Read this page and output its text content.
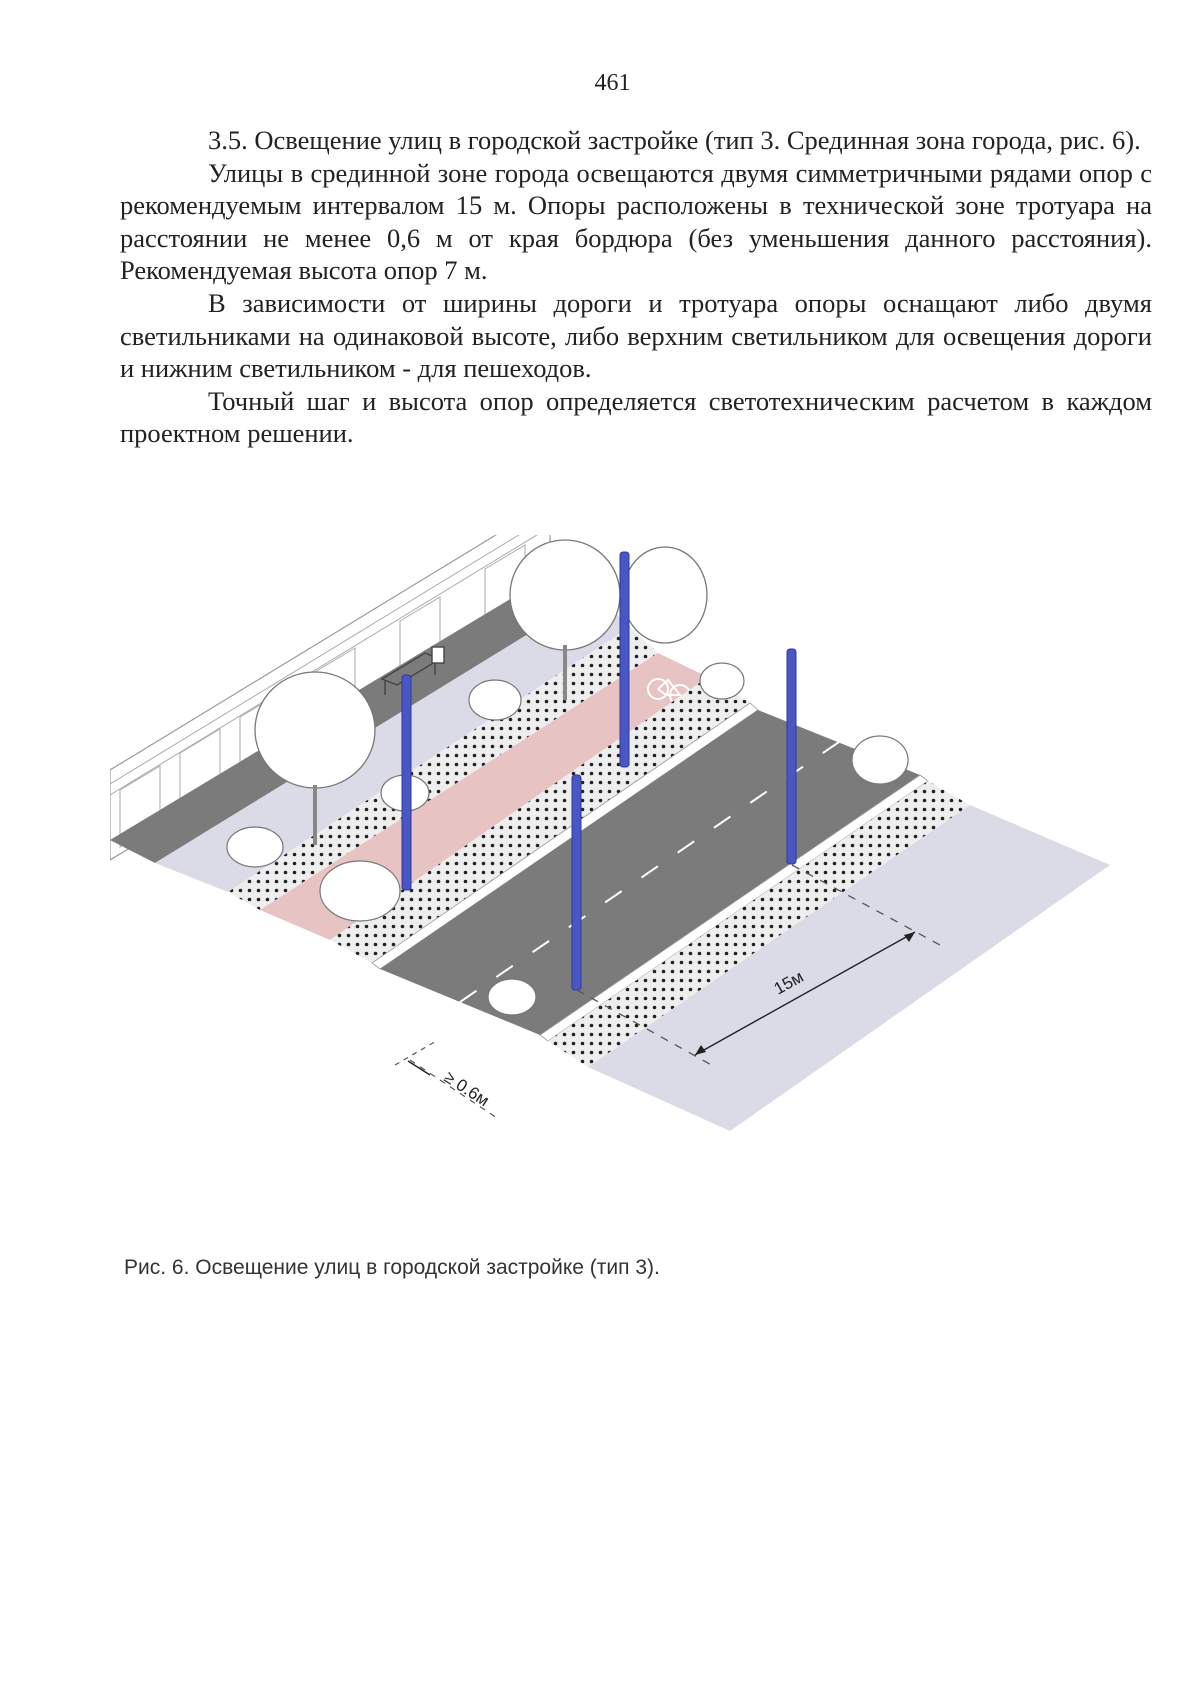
461

3.5. Освещение улиц в городской застройке (тип 3. Срединная зона города, рис. 6).

Улицы в срединной зоне города освещаются двумя симметричными рядами опор с рекомендуемым интервалом 15 м. Опоры расположены в технической зоне тротуара на расстоянии не менее 0,6 м от края бордюра (без уменьшения данного расстояния). Рекомендуемая высота опор 7 м.

В зависимости от ширины дороги и тротуара опоры оснащают либо двумя светильниками на одинаковой высоте, либо верхним светильником для освещения дороги и нижним светильником - для пешеходов.

Точный шаг и высота опор определяется светотехническим расчетом в каждом проектном решении.

15м
≥ 0.6м
Рис. 6. Освещение улиц в городской застройке (тип 3).
